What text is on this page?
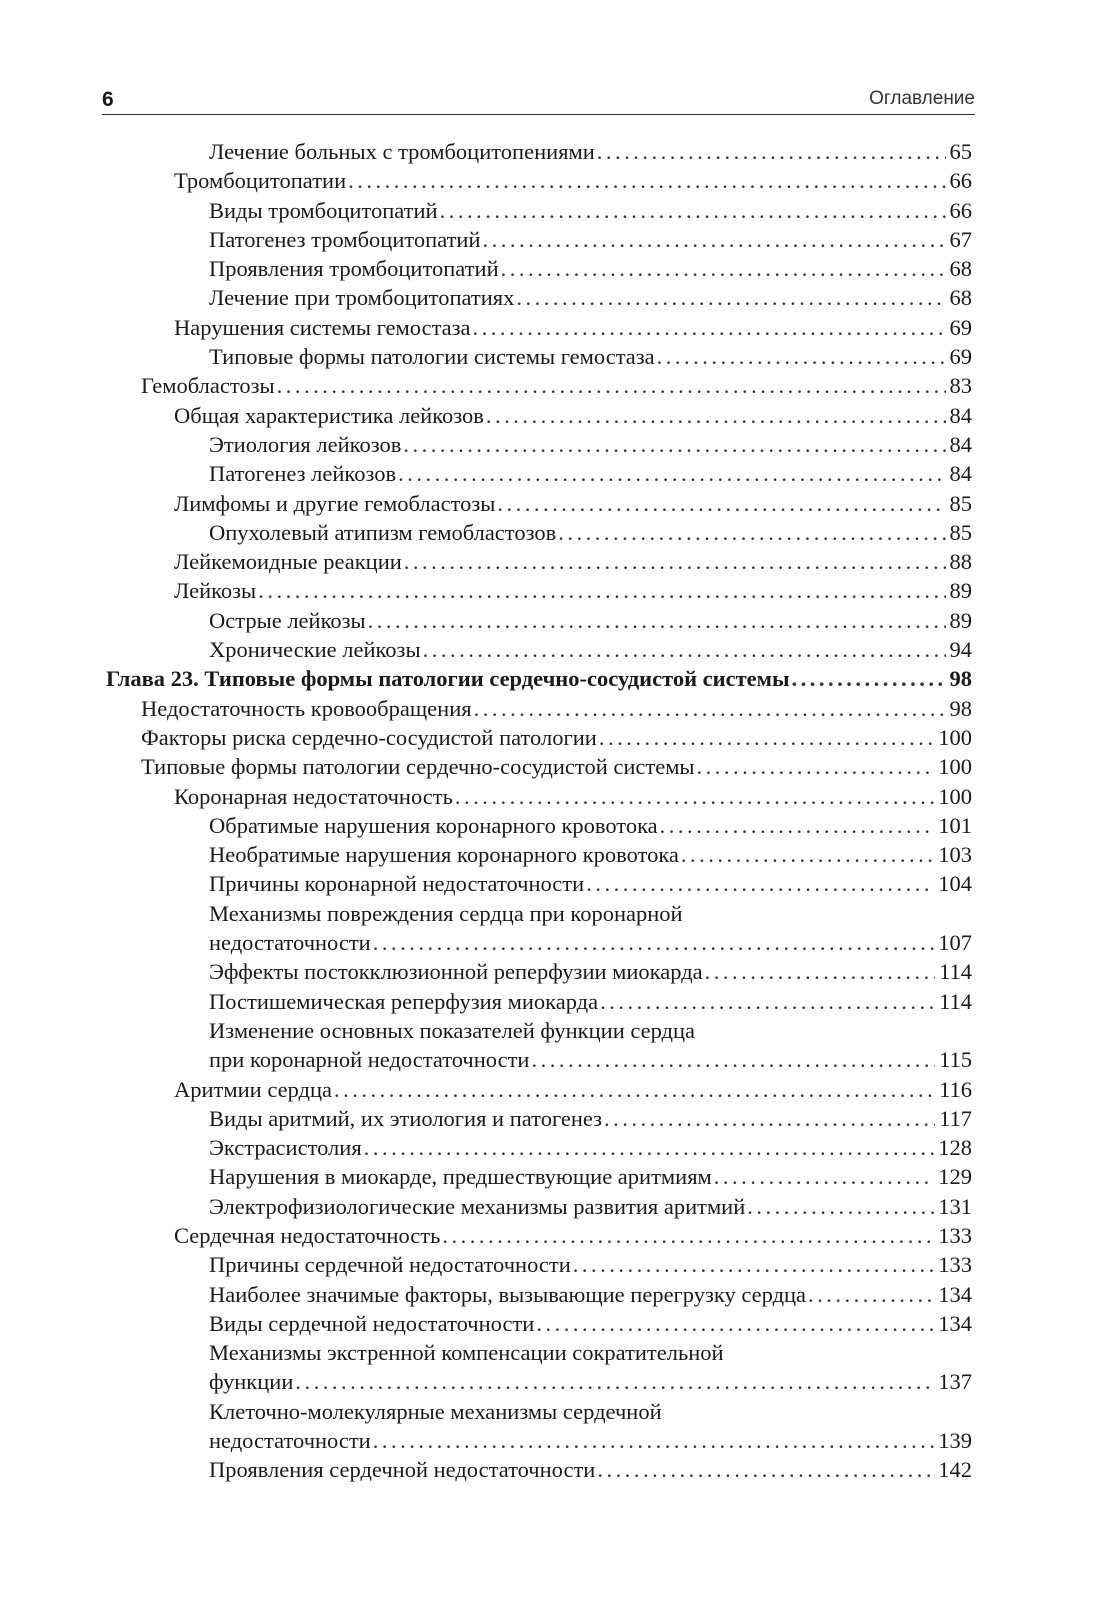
6	Оглавление
Лечение больных с тромбоцитопениями .....	65
Тромбоцитопатии .....	66
Виды тромбоцитопатий .....	66
Патогенез тромбоцитопатий .....	67
Проявления тромбоцитопатий .....	68
Лечение при тромбоцитопатиях .....	68
Нарушения системы гемостаза .....	69
Типовые формы патологии системы гемостаза .....	69
Гемобластозы .....	83
Общая характеристика лейкозов .....	84
Этиология лейкозов .....	84
Патогенез лейкозов .....	84
Лимфомы и другие гемобластозы .....	85
Опухолевый атипизм гемобластозов .....	85
Лейкемоидные реакции .....	88
Лейкозы .....	89
Острые лейкозы .....	89
Хронические лейкозы .....	94
Глава 23. Типовые формы патологии сердечно-сосудистой системы .....	98
Недостаточность кровообращения .....	98
Факторы риска сердечно-сосудистой патологии .....	100
Типовые формы патологии сердечно-сосудистой системы .....	100
Коронарная недостаточность .....	100
Обратимые нарушения коронарного кровотока .....	101
Необратимые нарушения коронарного кровотока .....	103
Причины коронарной недостаточности .....	104
Механизмы повреждения сердца при коронарной
недостаточности .....	107
Эффекты постокклюзионной реперфузии миокарда .....	114
Постишемическая реперфузия миокарда .....	114
Изменение основных показателей функции сердца
при коронарной недостаточности .....	115
Аритмии сердца .....	116
Виды аритмий, их этиология и патогенез .....	117
Экстрасистолия .....	128
Нарушения в миокарде, предшествующие аритмиям .....	129
Электрофизиологические механизмы развития аритмий .....	131
Сердечная недостаточность .....	133
Причины сердечной недостаточности .....	133
Наиболее значимые факторы, вызывающие перегрузку сердца .....	134
Виды сердечной недостаточности .....	134
Механизмы экстренной компенсации сократительной
функции .....	137
Клеточно-молекулярные механизмы сердечной
недостаточности .....	139
Проявления сердечной недостаточности .....	142
